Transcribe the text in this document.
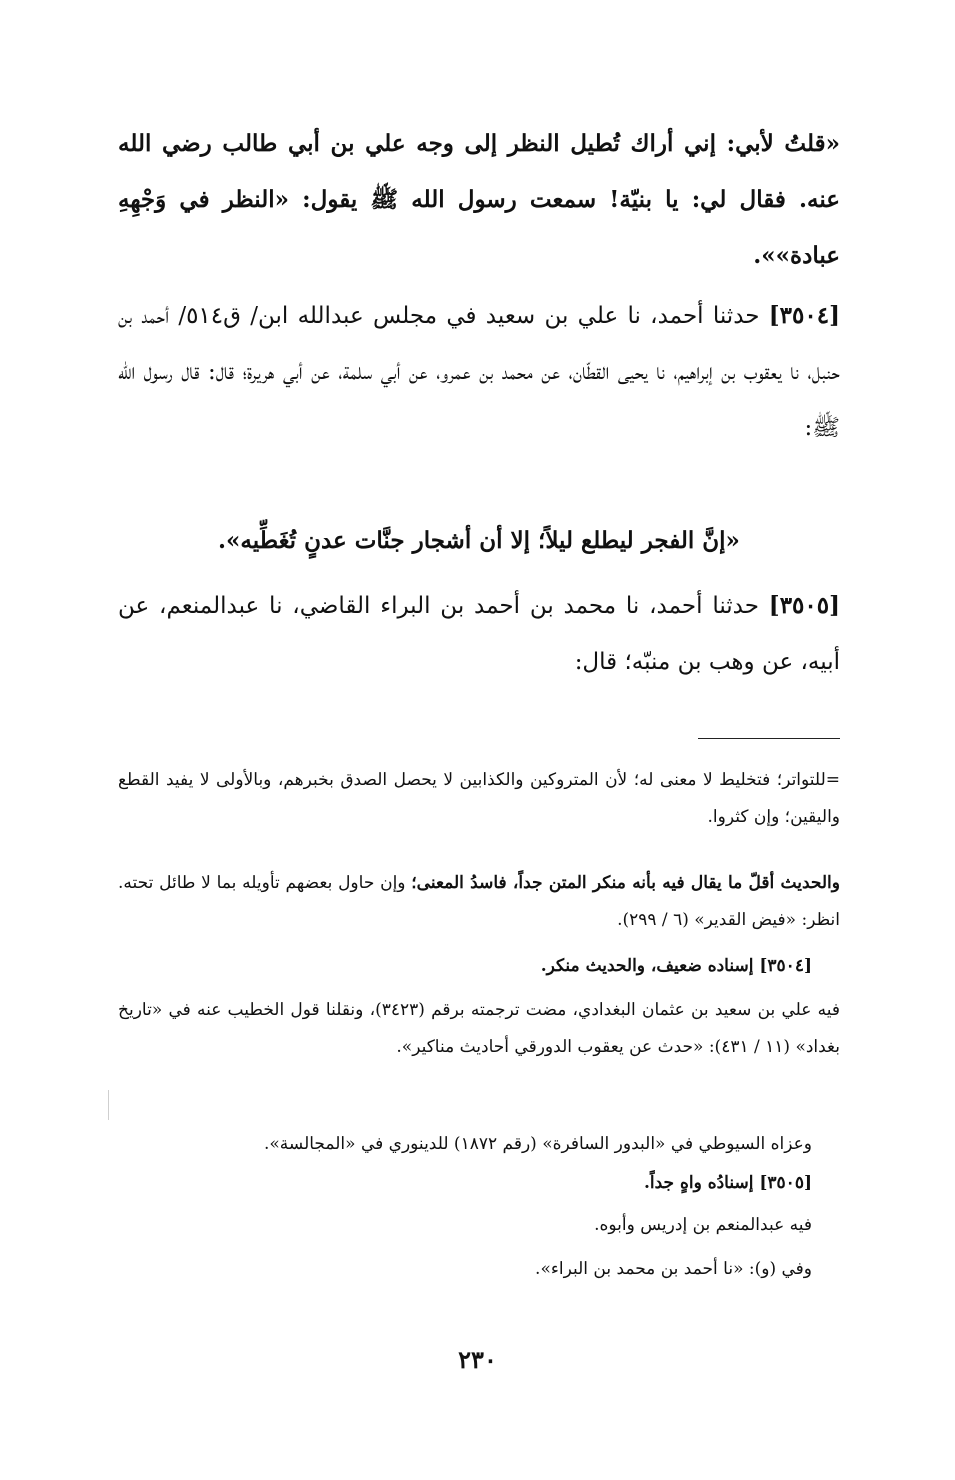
«قلتُ لأبي: إني أراك تُطيل النظر إلى وجه علي بن أبي طالب رضي الله عنه. فقال لي: يا بنيّة! سمعت رسول الله ﷺ يقول: «النظر في وَجْهِهِ عبادة»».
[٣٥٠٤] حدثنا أحمد، نا علي بن سعيد في مجلس عبدالله ابن/ ق٥١٤/ أحمد بن حنبل، نا يعقوب بن إبراهيم، نا يحيى القطّان، عن محمد بن عمرو، عن أبي سلمة، عن أبي هريرة؛ قال: قال رسول الله ﷺ:
«إنَّ الفجر ليطلع ليلاً؛ إلا أن أشجار جنَّات عدنٍ تُغَطِّيه».
[٣٥٠٥] حدثنا أحمد، نا محمد بن أحمد بن البراء القاضي، نا عبدالمنعم، عن أبيه، عن وهب بن منبّه؛ قال:
=للتواتر؛ فتخليط لا معنى له؛ لأن المتروكين والكذابين لا يحصل الصدق بخبرهم، وبالأولى لا يفيد القطع واليقين؛ وإن كثروا.
والحديث أقلّ ما يقال فيه بأنه منكر المتن جداً، فاسدُ المعنى؛ وإن حاول بعضهم تأويله بما لا طائل تحته. انظر: «فيض القدير» (٦ / ٢٩٩).
[٣٥٠٤] إسناده ضعيف، والحديث منكر.
فيه علي بن سعيد بن عثمان البغدادي، مضت ترجمته برقم (٣٤٢٣)، ونقلنا قول الخطيب عنه في «تاريخ بغداد» (١١ / ٤٣١): «حدث عن يعقوب الدورقي أحاديث مناكير».
وعزاه السيوطي في «البدور السافرة» (رقم ١٨٧٢) للدينوري في «المجالسة».
[٣٥٠٥] إسنادُه واهٍ جداً.
فيه عبدالمنعم بن إدريس وأبوه.
وفي (و): «نا أحمد بن محمد بن البراء».
٢٣٠
